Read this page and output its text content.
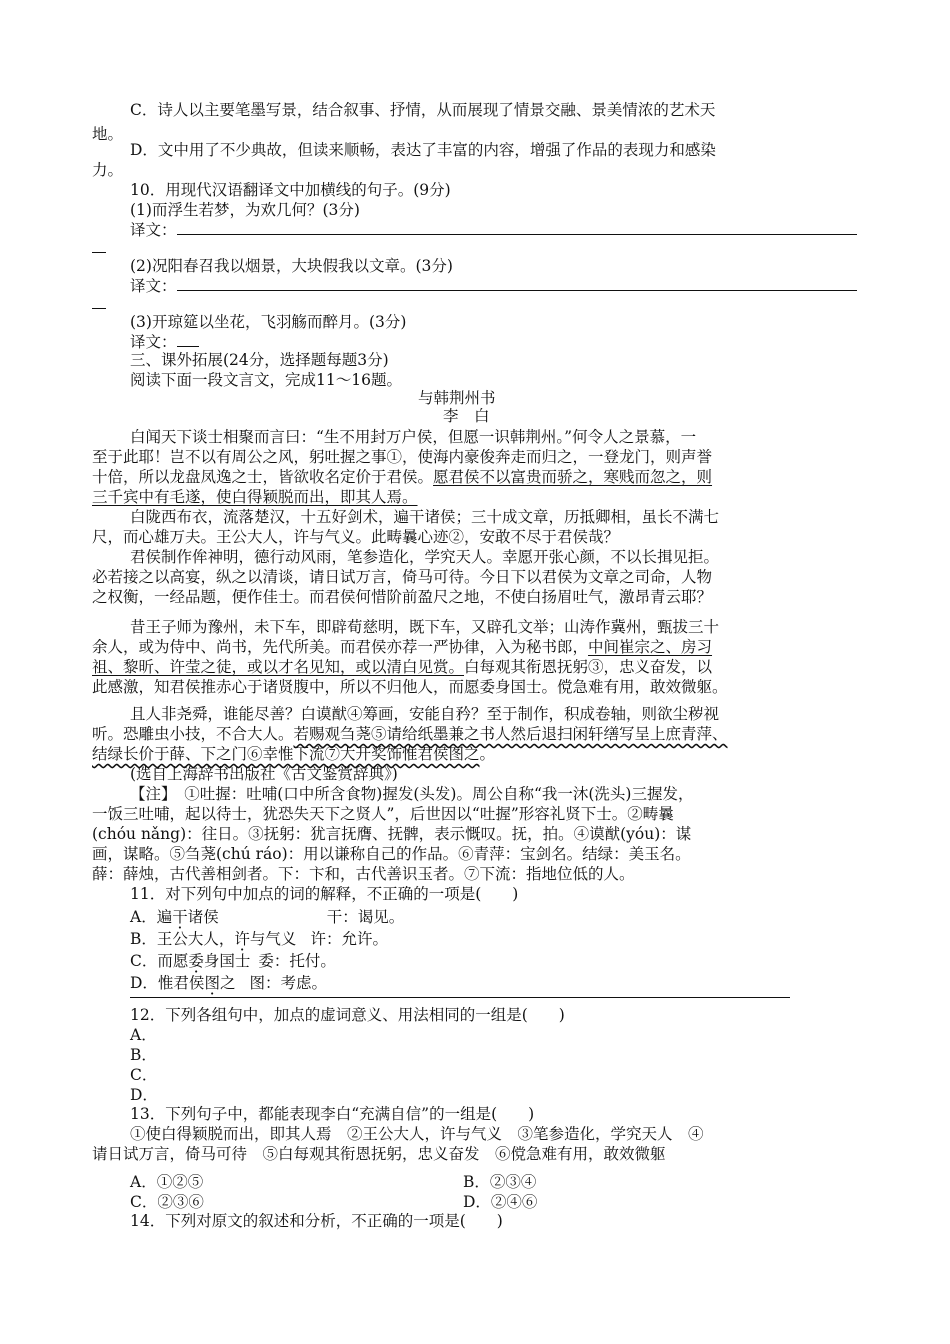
C．诗人以主要笔墨写景，结合叙事、抒情，从而展现了情景交融、景美情浓的艺术天
地。
D．文中用了不少典故，但读来顺畅，表达了丰富的内容，增强了作品的表现力和感染
力。
10．用现代汉语翻译文中加横线的句子。(9分)
(1)而浮生若梦，为欢几何？(3分)
译文：
(2)况阳春召我以烟景，大块假我以文章。(3分)
译文：
(3)开琼筵以坐花，飞羽觞而醉月。(3分)
译文：
三、课外拓展(24分，选择题每题3分)
阅读下面一段文言文，完成11～16题。
与韩荆州书
李　白
白闻天下谈士相聚而言曰：“生不用封万户侯，但愿一识韩荆州。”何令人之景慕，一
至于此耶！岂不以有周公之风，躬吐握之事①，使海内豪俊奔走而归之，一登龙门，则声誉
十倍，所以龙盘凤逸之士，皆欲收名定价于君侯。愿君侯不以富贵而骄之，寒贱而忽之，则
三千宾中有毛遂，使白得颖脱而出，即其人焉。
白陇西布衣，流落楚汉，十五好剑术，遍干诸侯；三十成文章，历抵卿相，虽长不满七
尺，而心雄万夫。王公大人，许与气义。此畴曩心迹②，安敢不尽于君侯哉？
君侯制作侔神明，德行动风雨，笔参造化，学究天人。幸愿开张心颜，不以长揖见拒。
必若接之以高宴，纵之以清谈，请日试万言，倚马可待。今日下以君侯为文章之司命，人物
之权衡，一经品题，便作佳士。而君侯何惜阶前盈尺之地，不使白扬眉吐气，激昂青云耶？
昔王子师为豫州，未下车，即辟荀慈明，既下车，又辟孔文举；山涛作冀州，甄拔三十
余人，或为侍中、尚书，先代所美。而君侯亦荐一严协律，入为秘书郎，中间崔宗之、房习
祖、黎昕、许莹之徒，或以才名见知，或以清白见赏。白每观其衔恩抚躬③，忠义奋发，以
此感激，知君侯推赤心于诸贤腹中，所以不归他人，而愿委身国士。傥急难有用，敢效微躯。
且人非尧舜，谁能尽善？白谟猷④筹画，安能自矜？至于制作，积成卷轴，则欲尘秽视
听。恐雕虫小技，不合大人。若赐观刍荛⑤请给纸墨兼之书人然后退扫闲轩缮写呈上庶青萍、
结绿长价于薛、下之门⑥幸惟下流⑦大开奖饰惟君侯图之。
(选自上海辞书出版社《古文鉴赏辞典》)
【注】　①吐握：吐哺(口中所含食物)握发(头发)。周公自称“我一沐(洗头)三握发，
一饭三吐哺，起以待士，犹恐失天下之贤人”，后世因以“吐握”形容礼贤下士。②畴曩
(chóu nǎng)：往日。③抚躬：犹言抚膺、抚髀，表示慨叹。抚，拍。④谟猷(yóu)：谋
画，谋略。⑤刍荛(chú ráo)：用以谦称自己的作品。⑥青萍：宝剑名。结绿：美玉名。
薛：薛烛，古代善相剑者。下：卞和，古代善识玉者。⑦下流：指地位低的人。
11．对下列句中加点的词的解释，不正确的一项是(　　)
A．遍干诸侯	干：谒见。
B．王公大人，许与气义 许：允许。
C．而愿委身国士 委：托付。
D．惟君侯图之 图：考虑。
12．下列各组句中，加点的虚词意义、用法相同的一组是(　　)
A．
B．
C．
D．
13．下列句子中，都能表现李白“充满自信”的一组是(　　)
①使白得颖脱而出，即其人焉　②王公大人，许与气义　③笔参造化，学究天人　④
请日试万言，倚马可待　⑤白每观其衔恩抚躬，忠义奋发　⑥傥急难有用，敢效微躯
A．①②⑤	B．②③④
C．②③⑥	D．②④⑥
14．下列对原文的叙述和分析，不正确的一项是(　　)
